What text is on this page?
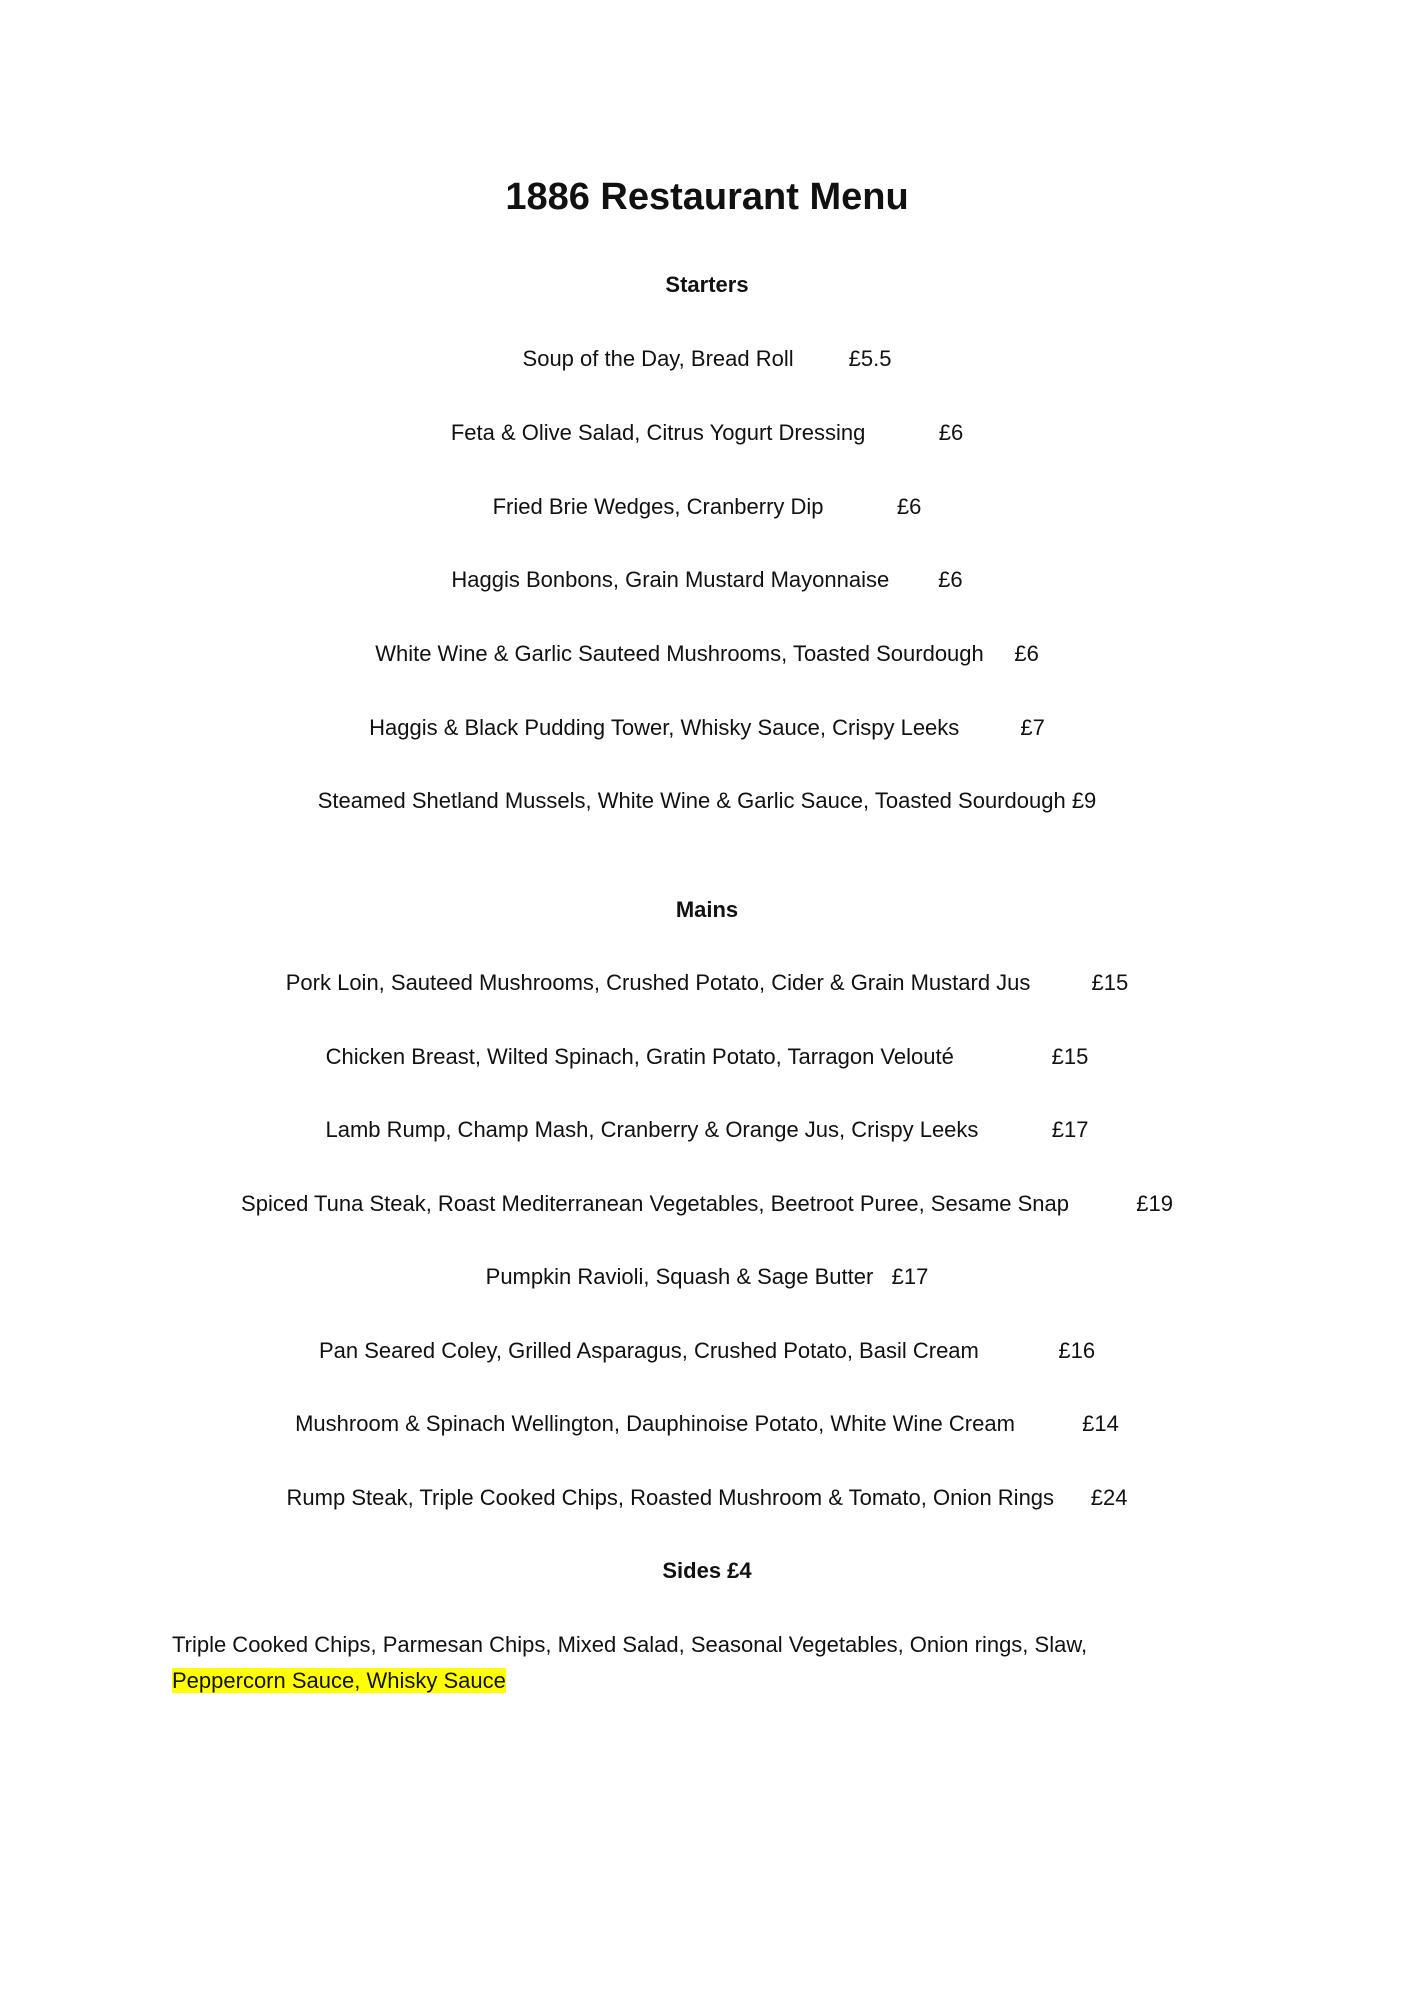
1886 Restaurant Menu
Starters
Soup of the Day, Bread Roll	£5.5
Feta & Olive Salad, Citrus Yogurt Dressing	£6
Fried Brie Wedges, Cranberry Dip	£6
Haggis Bonbons, Grain Mustard Mayonnaise £6
White Wine & Garlic Sauteed Mushrooms, Toasted Sourdough £6
Haggis & Black Pudding Tower, Whisky Sauce, Crispy Leeks	£7
Steamed Shetland Mussels, White Wine & Garlic Sauce, Toasted Sourdough £9
Mains
Pork Loin, Sauteed Mushrooms, Crushed Potato, Cider & Grain Mustard Jus	£15
Chicken Breast, Wilted Spinach, Gratin Potato, Tarragon Velouté	£15
Lamb Rump, Champ Mash, Cranberry & Orange Jus, Crispy Leeks	£17
Spiced Tuna Steak, Roast Mediterranean Vegetables, Beetroot Puree, Sesame Snap	£19
Pumpkin Ravioli, Squash & Sage Butter £17
Pan Seared Coley, Grilled Asparagus, Crushed Potato, Basil Cream	£16
Mushroom & Spinach Wellington, Dauphinoise Potato, White Wine Cream	£14
Rump Steak, Triple Cooked Chips, Roasted Mushroom & Tomato, Onion Rings £24
Sides £4

Triple Cooked Chips, Parmesan Chips, Mixed Salad, Seasonal Vegetables, Onion rings, Slaw,
Peppercorn Sauce, Whisky Sauce
